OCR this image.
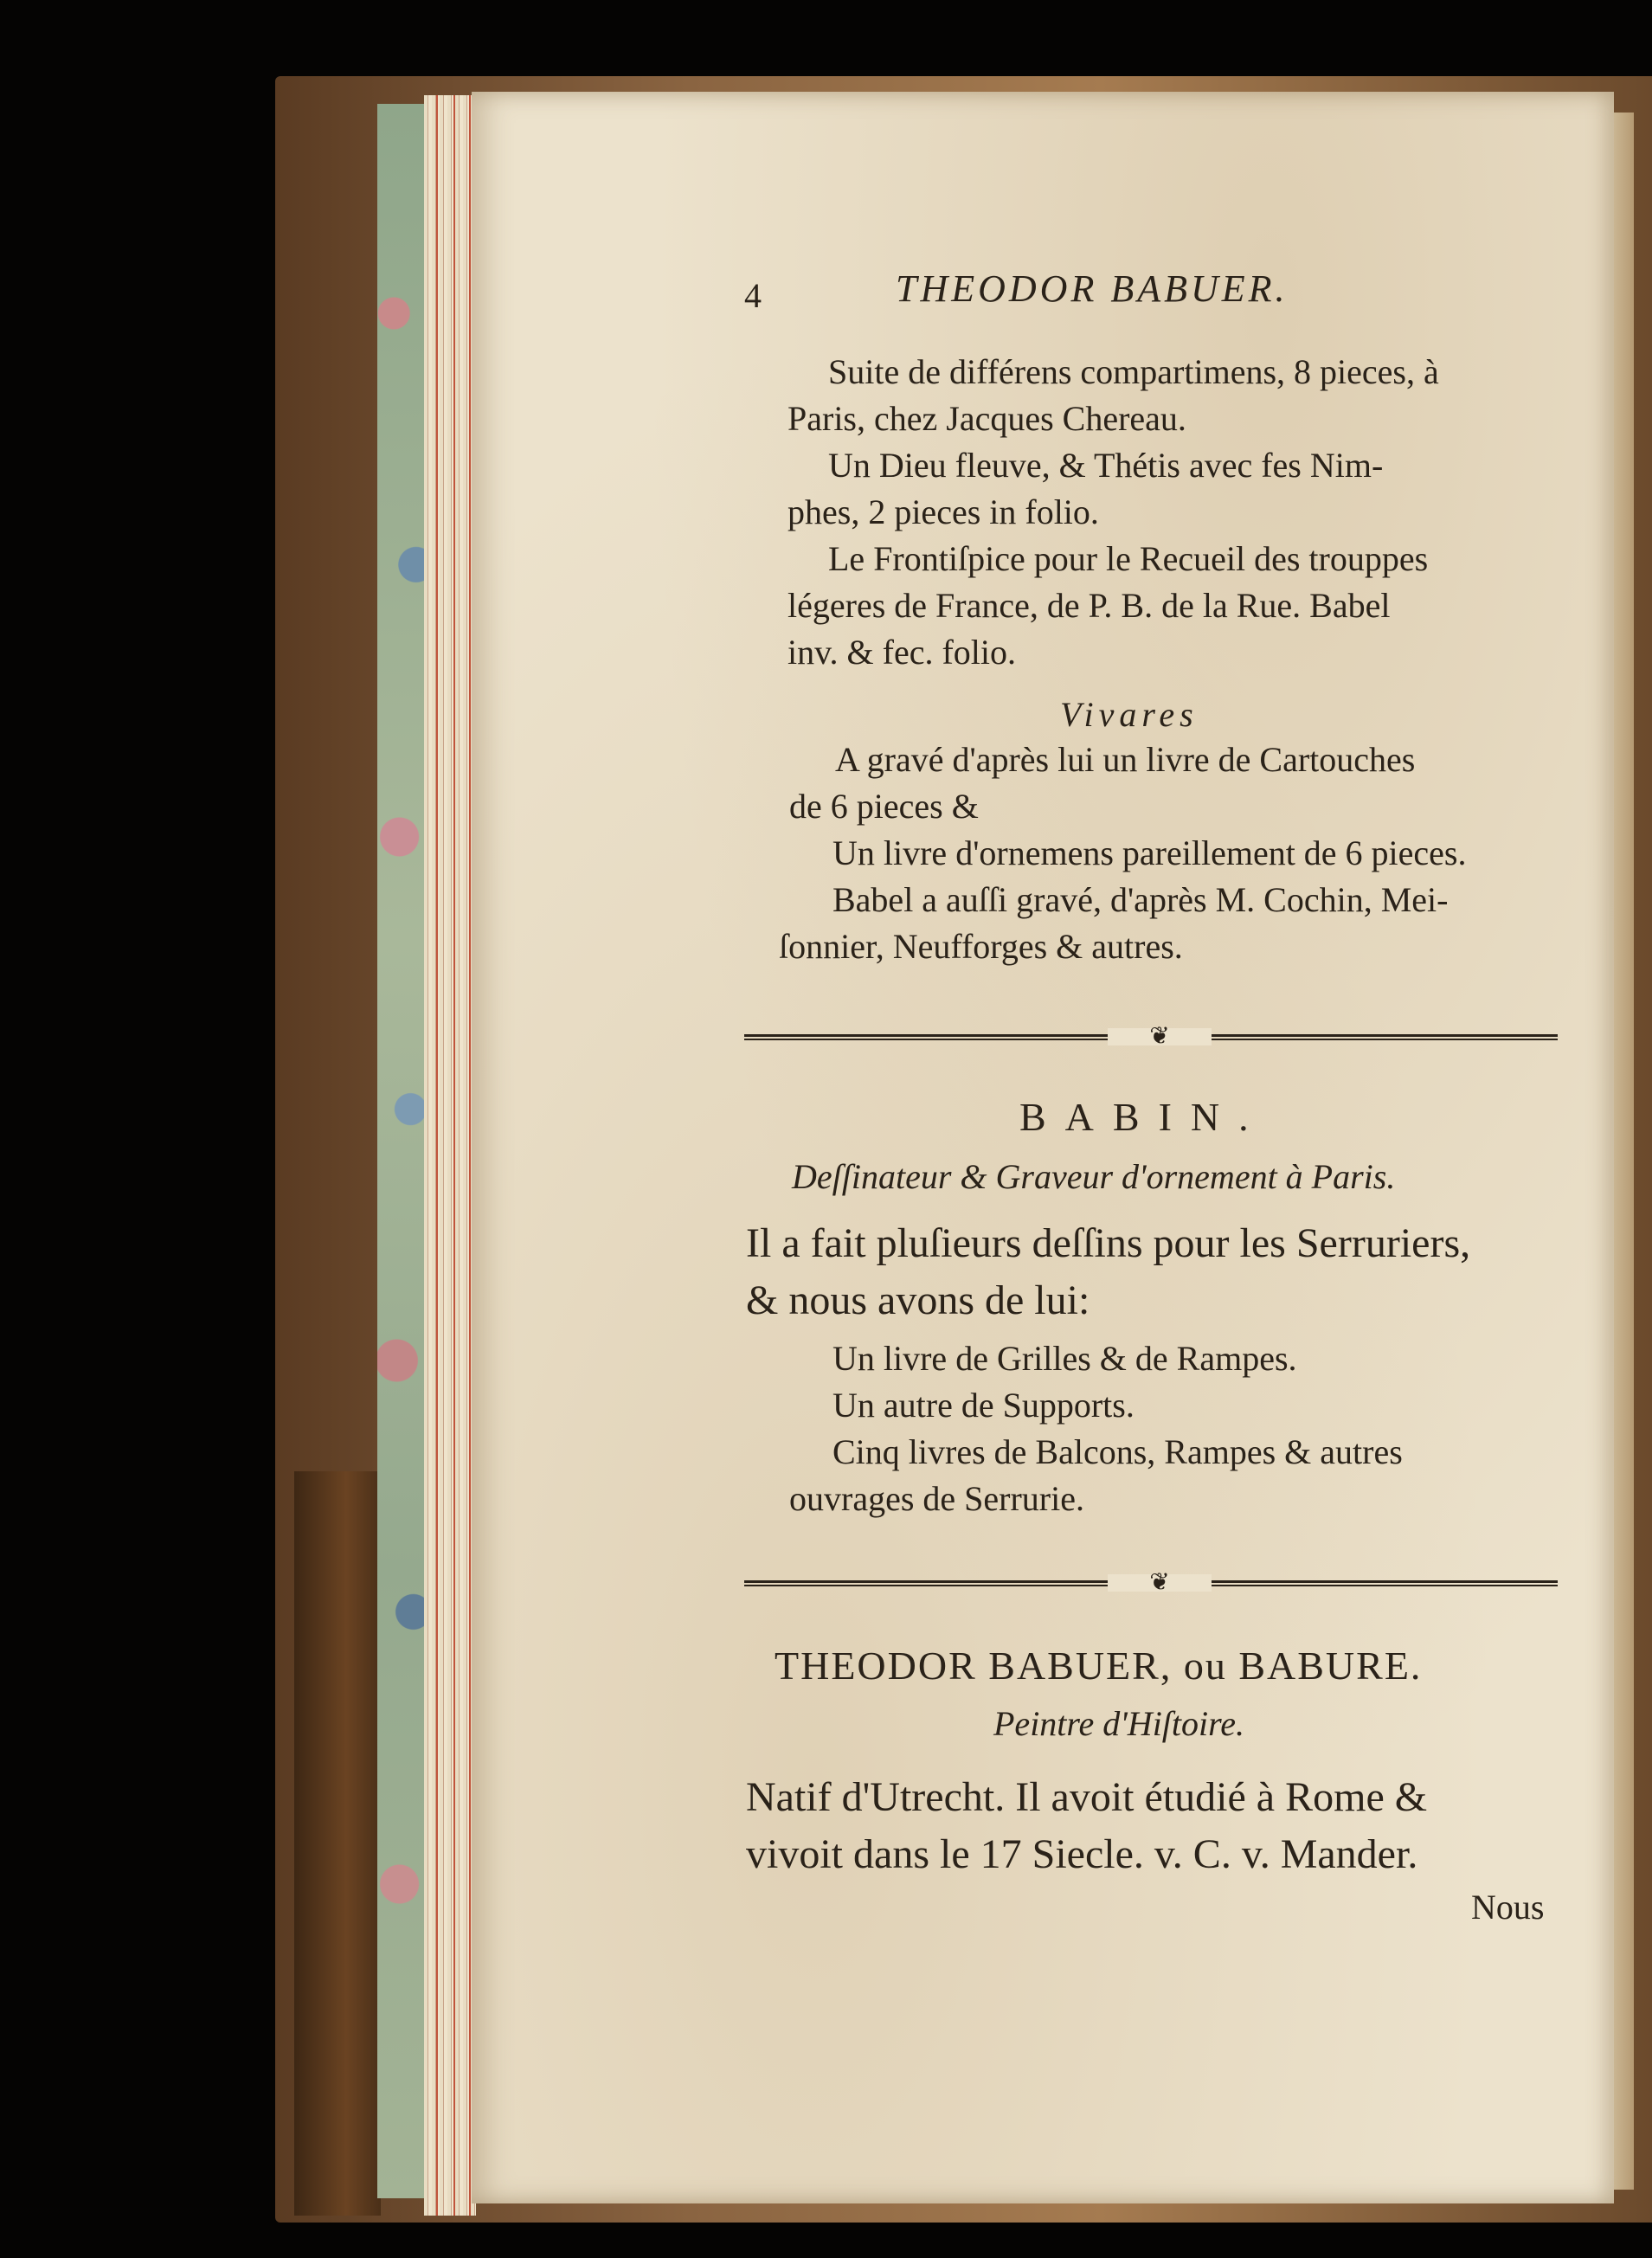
4	THEODOR BABUER.
Suite de différens compartimens, 8 pieces, à
Paris, chez Jacques Chereau.
Un Dieu fleuve, & Thétis avec fes Nim-
phes, 2 pieces in folio.
Le Frontiſpice pour le Recueil des trouppes
légeres de France, de P. B. de la Rue. Babel
inv. & fec. folio.
Vivares
A gravé d'après lui un livre de Cartouches
de 6 pieces &
Un livre d'ornemens pareillement de 6 pieces.
Babel a auſſi gravé, d'après M. Cochin, Mei-
ſonnier, Neufforges & autres.
❦
BABIN.
Deſſinateur & Graveur d'ornement à Paris.
Il a fait pluſieurs deſſins pour les Serruriers,
& nous avons de lui:
Un livre de Grilles & de Rampes.
Un autre de Supports.
Cinq livres de Balcons, Rampes & autres
ouvrages de Serrurie.
❦
THEODOR BABUER, ou BABURE.
Peintre d'Hiſtoire.
Natif d'Utrecht. Il avoit étudié à Rome &
vivoit dans le 17 Siecle. v. C. v. Mander.
Nous
